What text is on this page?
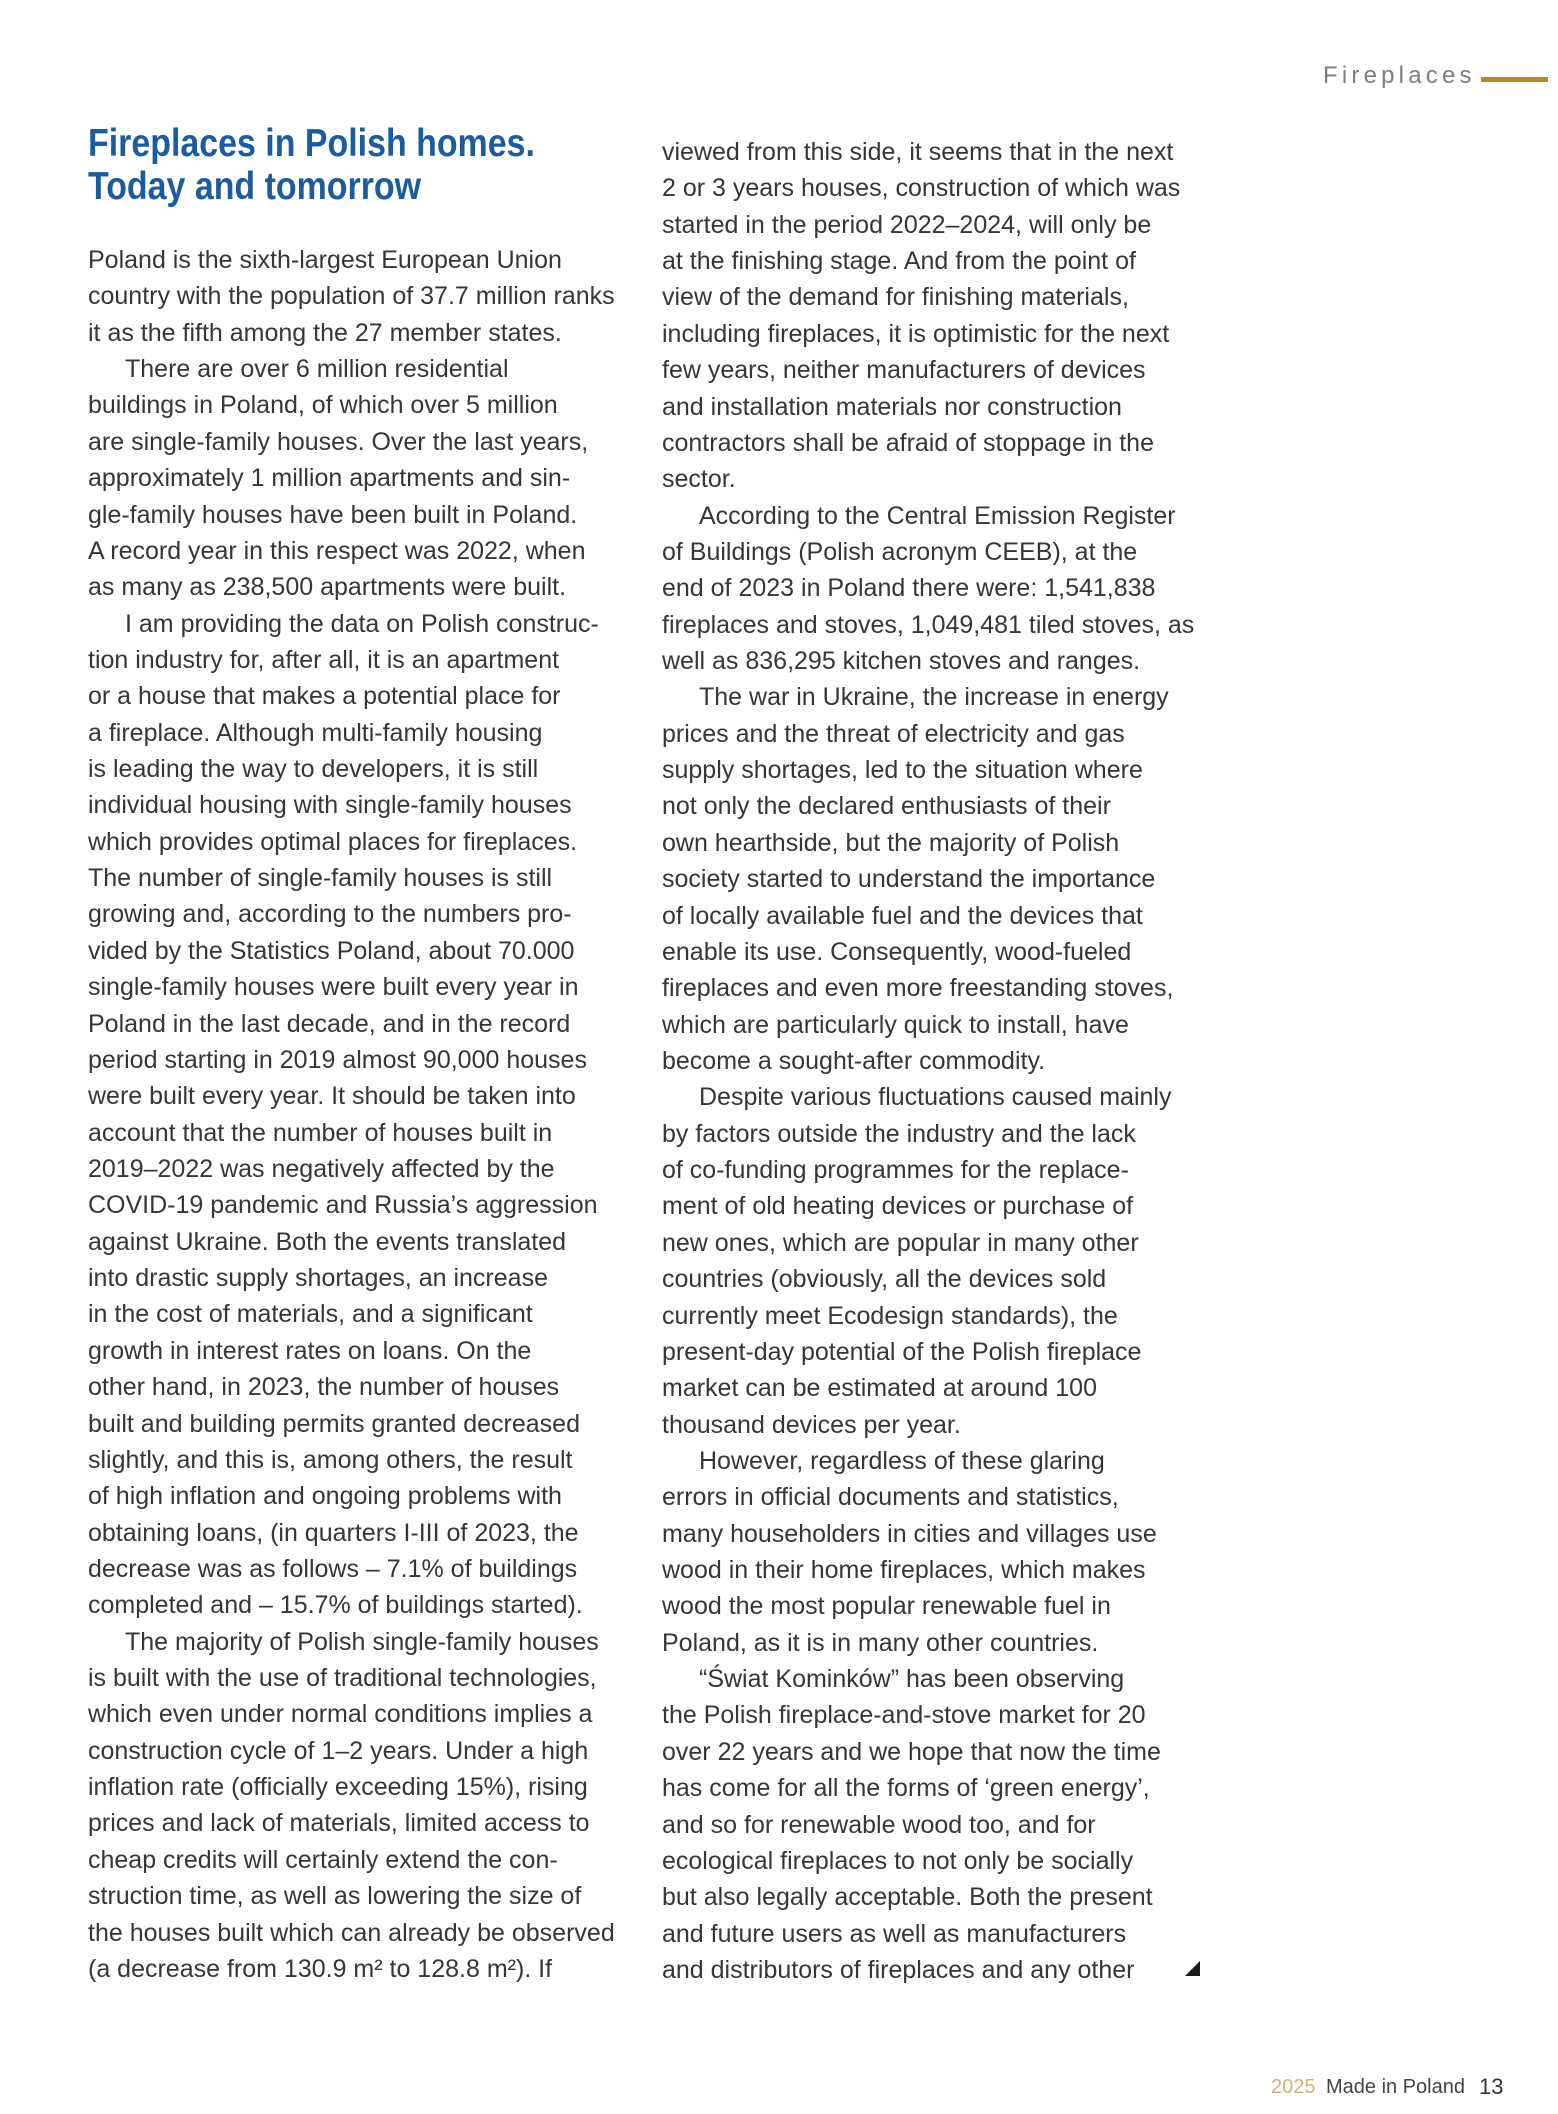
Fireplaces
Fireplaces in Polish homes.
Today and tomorrow

Poland is the sixth-largest European Union
country with the population of 37.7 million ranks
it as the fifth among the 27 member states.

There are over 6 million residential
buildings in Poland, of which over 5 million
are single-family houses. Over the last years,
approximately 1 million apartments and sin-
gle-family houses have been built in Poland.
A record year in this respect was 2022, when
as many as 238,500 apartments were built.

I am providing the data on Polish construc-
tion industry for, after all, it is an apartment
or a house that makes a potential place for
a fireplace. Although multi-family housing
is leading the way to developers, it is still
individual housing with single-family houses
which provides optimal places for fireplaces.
The number of single-family houses is still
growing and, according to the numbers pro-
vided by the Statistics Poland, about 70.000
single-family houses were built every year in
Poland in the last decade, and in the record
period starting in 2019 almost 90,000 houses
were built every year. It should be taken into
account that the number of houses built in
2019–2022 was negatively affected by the
COVID-19 pandemic and Russia’s aggression
against Ukraine. Both the events translated
into drastic supply shortages, an increase
in the cost of materials, and a significant
growth in interest rates on loans. On the
other hand, in 2023, the number of houses
built and building permits granted decreased
slightly, and this is, among others, the result
of high inflation and ongoing problems with
obtaining loans, (in quarters I-III of 2023, the
decrease was as follows – 7.1% of buildings
completed and – 15.7% of buildings started).

The majority of Polish single-family houses
is built with the use of traditional technologies,
which even under normal conditions implies a
construction cycle of 1–2 years. Under a high
inflation rate (officially exceeding 15%), rising
prices and lack of materials, limited access to
cheap credits will certainly extend the con-
struction time, as well as lowering the size of
the houses built which can already be observed
(a decrease from 130.9 m² to 128.8 m²). If

viewed from this side, it seems that in the next
2 or 3 years houses, construction of which was
started in the period 2022–2024, will only be
at the finishing stage. And from the point of
view of the demand for finishing materials,
including fireplaces, it is optimistic for the next
few years, neither manufacturers of devices
and installation materials nor construction
contractors shall be afraid of stoppage in the
sector.

According to the Central Emission Register
of Buildings (Polish acronym CEEB), at the
end of 2023 in Poland there were: 1,541,838
fireplaces and stoves, 1,049,481 tiled stoves, as
well as 836,295 kitchen stoves and ranges.

The war in Ukraine, the increase in energy
prices and the threat of electricity and gas
supply shortages, led to the situation where
not only the declared enthusiasts of their
own hearthside, but the majority of Polish
society started to understand the importance
of locally available fuel and the devices that
enable its use. Consequently, wood-fueled
fireplaces and even more freestanding stoves,
which are particularly quick to install, have
become a sought-after commodity.

Despite various fluctuations caused mainly
by factors outside the industry and the lack
of co-funding programmes for the replace-
ment of old heating devices or purchase of
new ones, which are popular in many other
countries (obviously, all the devices sold
currently meet Ecodesign standards), the
present-day potential of the Polish fireplace
market can be estimated at around 100
thousand devices per year.

However, regardless of these glaring
errors in official documents and statistics,
many householders in cities and villages use
wood in their home fireplaces, which makes
wood the most popular renewable fuel in
Poland, as it is in many other countries.

“Świat Kominków” has been observing
the Polish fireplace-and-stove market for 20
over 22 years and we hope that now the time
has come for all the forms of ‘green energy’,
and so for renewable wood too, and for
ecological fireplaces to not only be socially
but also legally acceptable. Both the present
and future users as well as manufacturers
and distributors of fireplaces and any other

2025 Made in Poland 13
